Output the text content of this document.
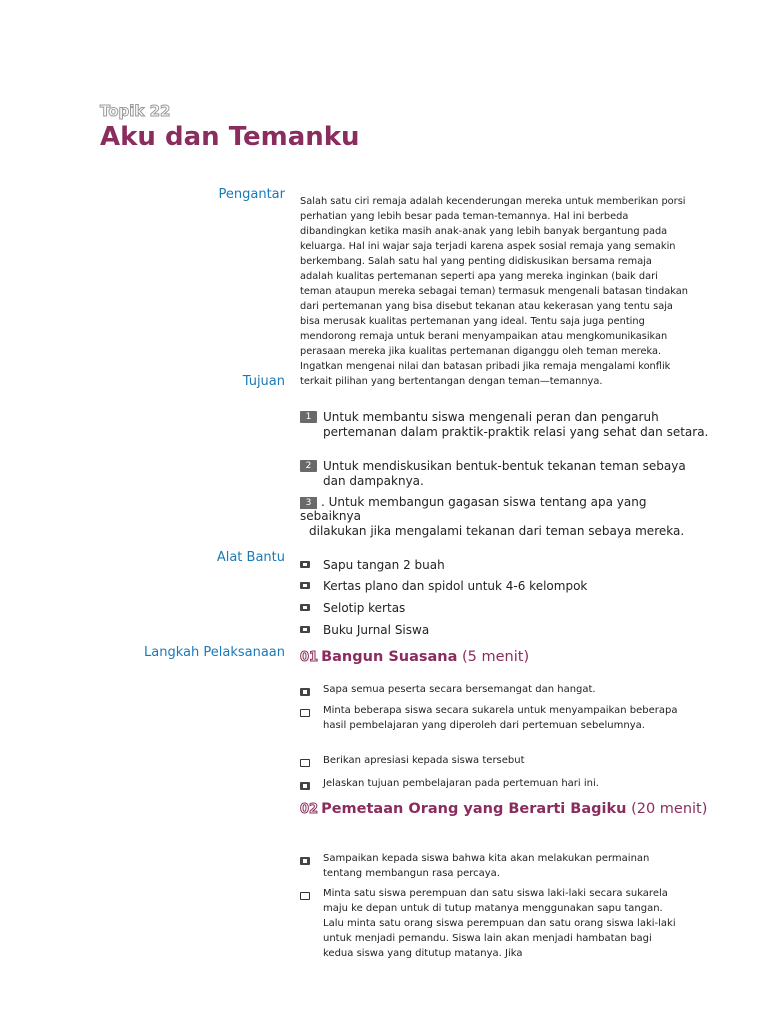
Topik 22
Aku dan Temanku
Pengantar
Tujuan
Alat Bantu
Langkah Pelaksanaan

Salah satu ciri remaja adalah kecenderungan mereka untuk memberikan porsi perhatian yang lebih besar pada teman-temannya. Hal ini berbeda dibandingkan ketika masih anak-anak yang lebih banyak bergantung pada keluarga. Hal ini wajar saja terjadi karena aspek sosial remaja yang semakin berkembang. Salah satu hal yang penting didiskusikan bersama remaja adalah kualitas pertemanan seperti apa yang mereka inginkan (baik dari teman ataupun mereka sebagai teman) termasuk mengenali batasan tindakan dari pertemanan yang bisa disebut tekanan atau kekerasan yang tentu saja bisa merusak kualitas pertemanan yang ideal. Tentu saja juga penting mendorong remaja untuk berani menyampaikan atau mengkomunikasikan perasaan mereka jika kualitas pertemanan diganggu oleh teman mereka. Ingatkan mengenai nilai dan batasan pribadi jika remaja mengalami konflik terkait pilihan yang bertentangan dengan teman—temannya.

1 Untuk membantu siswa mengenali peran dan pengaruh pertemanan dalam praktik-praktik relasi yang sehat dan setara.
2 Untuk mendiskusikan bentuk-bentuk tekanan teman sebaya dan dampaknya.
3 . Untuk membangun gagasan siswa tentang apa yang sebaiknya
dilakukan jika mengalami tekanan dari teman sebaya mereka.
Sapu tangan 2 buah
Kertas plano dan spidol untuk 4-6 kelompok
Selotip kertas
Buku Jurnal Siswa
01 Bangun Suasana (5 menit)
Sapa semua peserta secara bersemangat dan hangat.
Minta beberapa siswa secara sukarela untuk menyampaikan beberapa hasil pembelajaran yang diperoleh dari pertemuan sebelumnya.
Berikan apresiasi kepada siswa tersebut
Jelaskan tujuan pembelajaran pada pertemuan hari ini.
02 Pemetaan Orang yang Berarti Bagiku (20 menit)
Sampaikan kepada siswa bahwa kita akan melakukan permainan tentang membangun rasa percaya.
Minta satu siswa perempuan dan satu siswa laki-laki secara sukarela maju ke depan untuk di tutup matanya menggunakan sapu tangan. Lalu minta satu orang siswa perempuan dan satu orang siswa laki-laki untuk menjadi pemandu. Siswa lain akan menjadi hambatan bagi kedua siswa yang ditutup matanya. Jika
